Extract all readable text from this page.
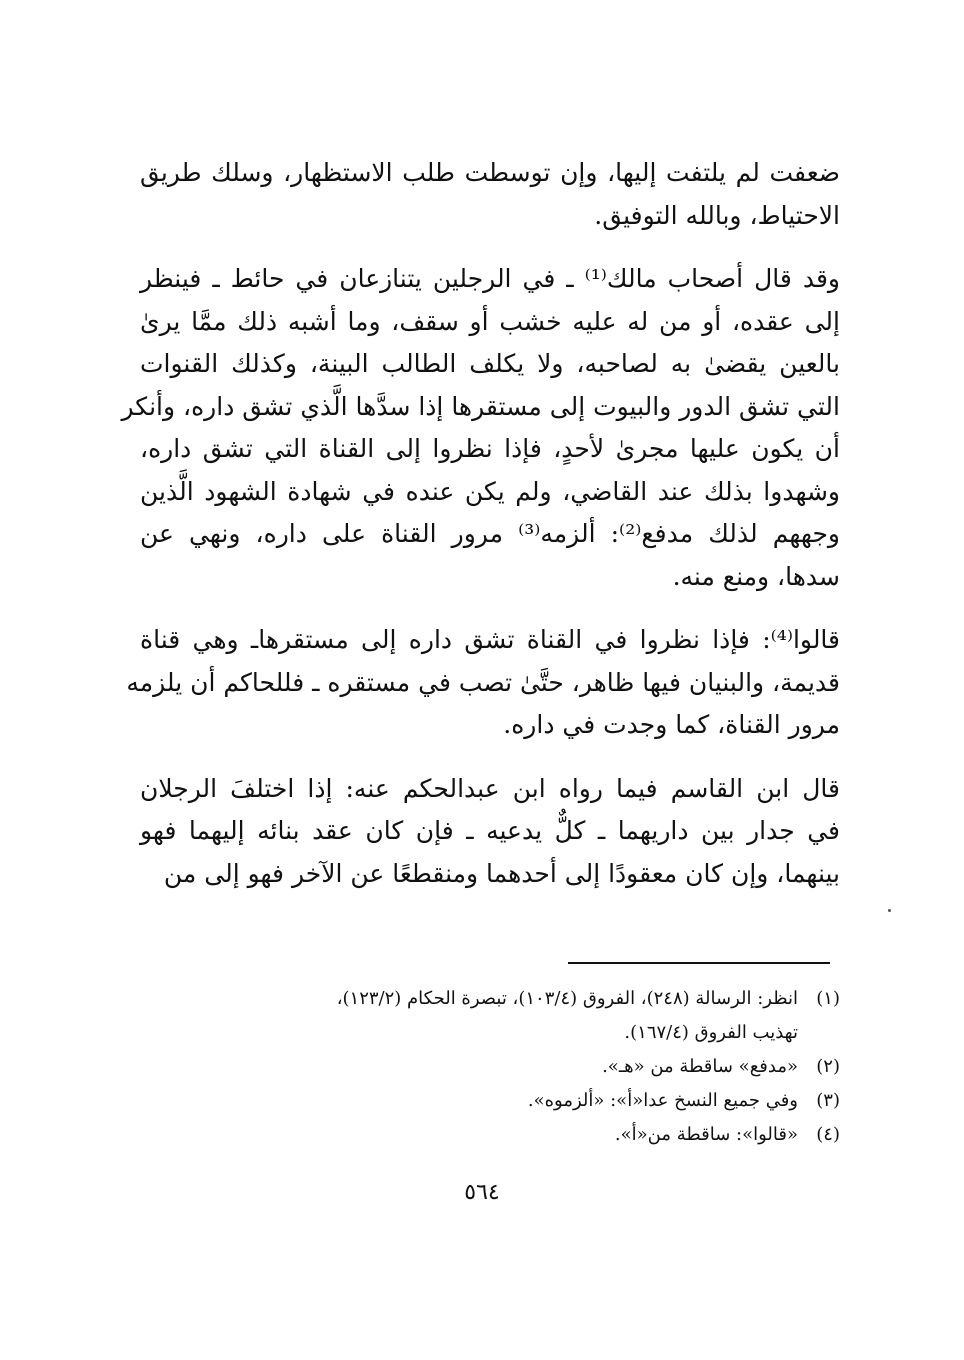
ضعفت لم يلتفت إليها، وإن توسطت طلب الاستظهار، وسلك طريق
الاحتياط، وبالله التوفيق.
وقد قال أصحاب مالك⁽¹⁾ ـ في الرجلين يتنازعان في حائط ـ فينظر
إلى عقده، أو من له عليه خشب أو سقف، وما أشبه ذلك ممَّا يرىٰ
بالعين يقضىٰ به لصاحبه، ولا يكلف الطالب البينة، وكذلك القنوات
التي تشق الدور والبيوت إلى مستقرها إذا سدَّها الَّذي تشق داره، وأنكر
أن يكون عليها مجرىٰ لأحدٍ، فإذا نظروا إلى القناة التي تشق داره،
وشهدوا بذلك عند القاضي، ولم يكن عنده في شهادة الشهود الَّذين
وجههم لذلك مدفع⁽²⁾: ألزمه⁽³⁾ مرور القناة على داره، ونهي عن
سدها، ومنع منه.
قالوا⁽⁴⁾: فإذا نظروا في القناة تشق داره إلى مستقرهاـ وهي قناة
قديمة، والبنيان فيها ظاهر، حتَّىٰ تصب في مستقره ـ فللحاكم أن يلزمه
مرور القناة، كما وجدت في داره.
قال ابن القاسم فيما رواه ابن عبدالحكم عنه: إذا اختلفَ الرجلان
في جدار بين داريهما ـ كلٌّ يدعيه ـ فإن كان عقد بنائه إليهما فهو
بينهما، وإن كان معقودًا إلى أحدهما ومنقطعًا عن الآخر فهو إلى من
(١)
انظر: الرسالة (٢٤٨)، الفروق (١٠٣/٤)، تبصرة الحكام (١٢٣/٢)،
تهذيب الفروق (١٦٧/٤).
(٢)
«مدفع» ساقطة من «هـ».
(٣)
وفي جميع النسخ عدا«أ»: «ألزموه».
(٤)
«قالوا»: ساقطة من«أ».
٥٦٤
